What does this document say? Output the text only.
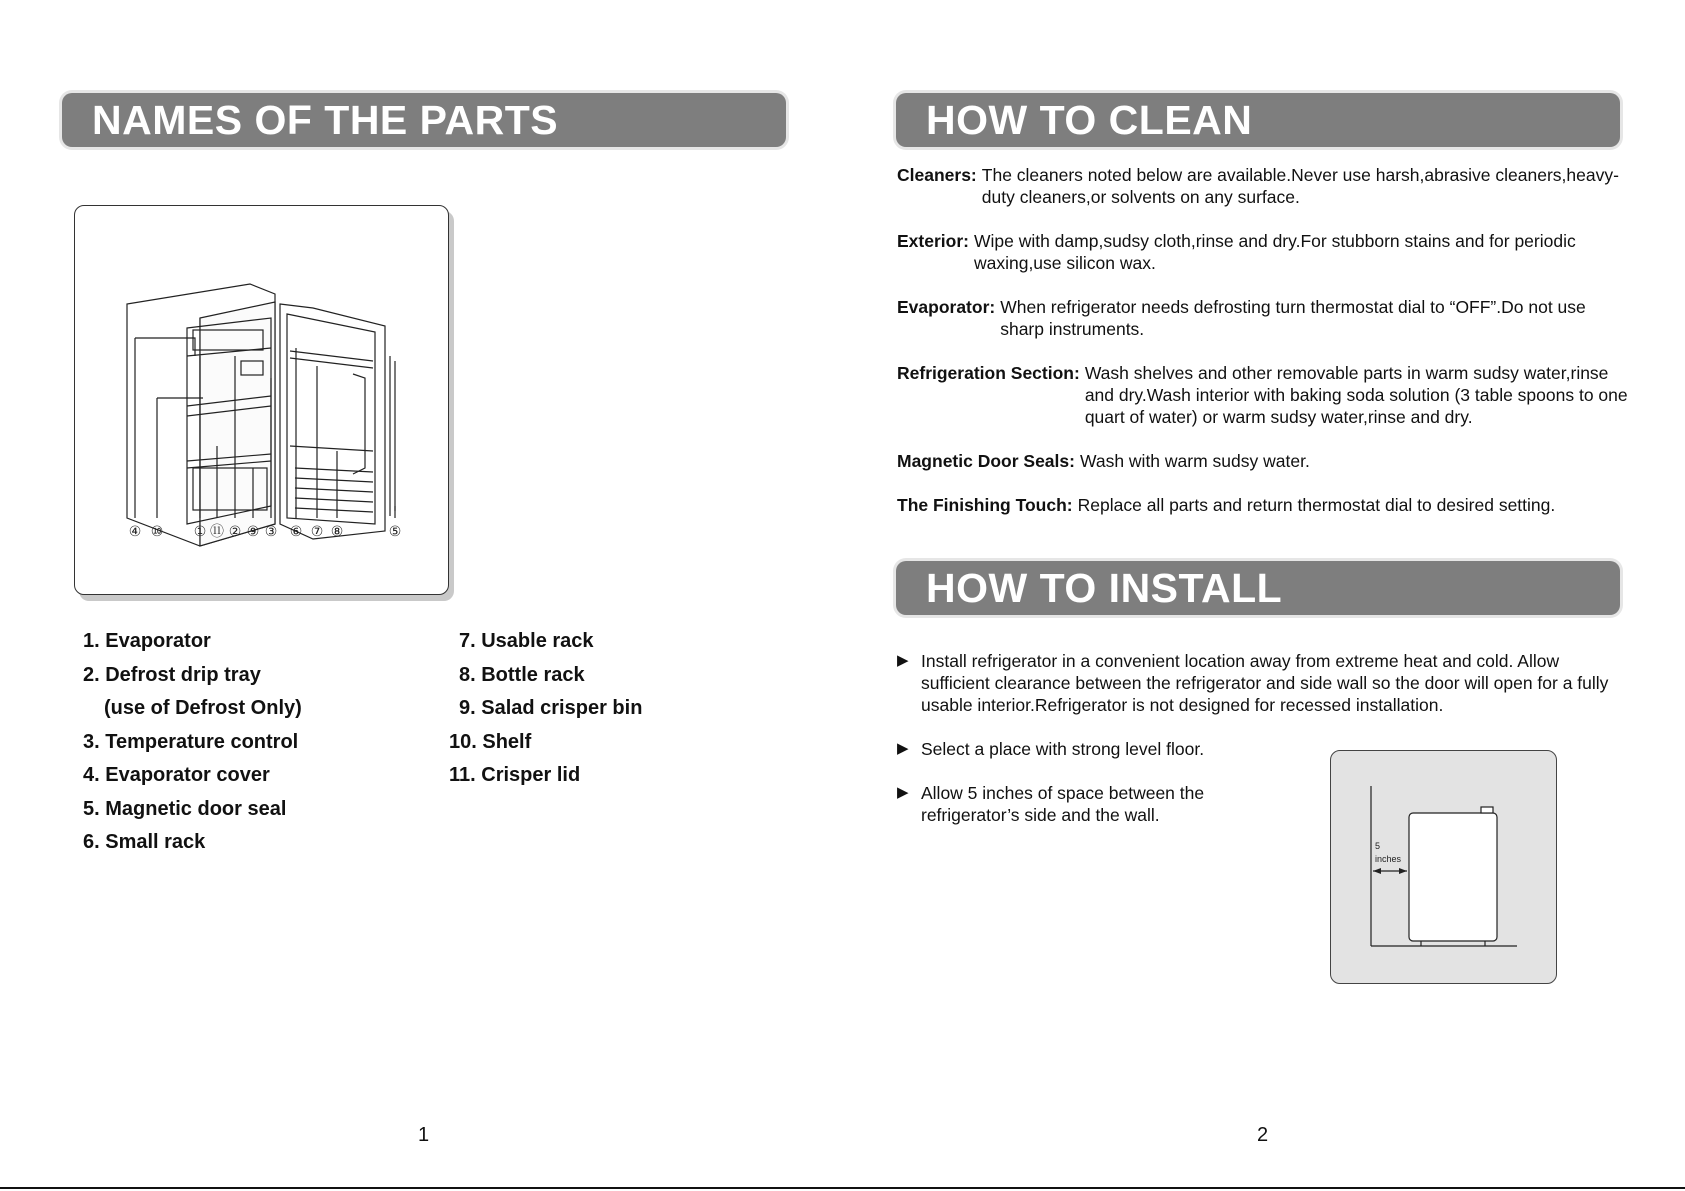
NAMES OF THE PARTS
④ ⑩ ① ⑪ ② ⑨ ③ ⑥ ⑦ ⑧	⑤
1. Evaporator
2. Defrost drip tray
(use of Defrost Only)
3. Temperature control
4. Evaporator cover
5. Magnetic door seal
6. Small rack
7. Usable rack
8. Bottle rack
9. Salad crisper bin
10. Shelf
11. Crisper lid
1
HOW TO CLEAN

Cleaners: The cleaners noted below are available.Never use harsh,abrasive cleaners,heavy-duty cleaners,or solvents on any surface.

Exterior: Wipe with damp,sudsy cloth,rinse and dry.For stubborn stains and for periodic waxing,use silicon wax.

Evaporator: When refrigerator needs defrosting turn thermostat dial to “OFF”.Do not use sharp instruments.

Refrigeration Section: Wash shelves and other removable parts in warm sudsy water,rinse and dry.Wash interior with baking soda solution (3 table spoons to one quart of water) or warm sudsy water,rinse and dry.

Magnetic Door Seals: Wash with warm sudsy water.

The Finishing Touch: Replace all parts and return thermostat dial to desired setting.

HOW TO INSTALL
▶ Install refrigerator in a convenient location away from extreme heat and cold. Allow sufficient clearance between the refrigerator and side wall so the door will open for a fully usable interior.Refrigerator is not designed for recessed installation.
▶ Select a place with strong level floor.
▶ Allow 5 inches of space between the refrigerator’s side and the wall.
5
inches
2
